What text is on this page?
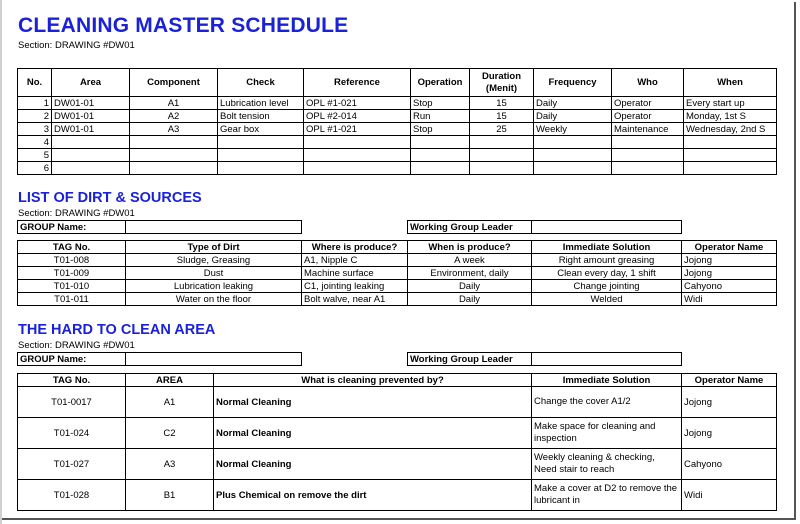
CLEANING MASTER SCHEDULE
Section: DRAWING #DW01
No.	Area	Component	Check	Reference	Operation	Duration (Menit)	Frequency	Who	When
1	DW01-01	A1	Lubrication level	OPL #1-021	Stop	15	Daily	Operator	Every start up
2	DW01-01	A2	Bolt tension	OPL #2-014	Run	15	Daily	Operator	Monday, 1st S
3	DW01-01	A3	Gear box	OPL #1-021	Stop	25	Weekly	Maintenance	Wednesday, 2nd S
4									
5									
6									
LIST OF DIRT & SOURCES
Section: DRAWING #DW01
GROUP Name:				Working Group Leader	
TAG No.	Type of Dirt	Where is produce?	When is produce?	Immediate Solution	Operator Name
T01-008	Sludge, Greasing	A1, Nipple C	A week	Right amount greasing	Jojong
T01-009	Dust	Machine surface	Environment, daily	Clean every day, 1 shift	Jojong
T01-010	Lubrication leaking	C1, jointing leaking	Daily	Change jointing	Cahyono
T01-011	Water on the floor	Bolt walve, near A1	Daily	Welded	Widi
THE HARD TO CLEAN AREA
Section: DRAWING #DW01
GROUP Name:				Working Group Leader	
TAG No.	AREA	What is cleaning prevented by?	Immediate Solution	Operator Name
T01-0017	A1	Normal Cleaning	Change the cover A1/2	Jojong
T01-024	C2	Normal Cleaning	Make space for cleaning and inspection	Jojong
T01-027	A3	Normal Cleaning	Weekly cleaning & checking, Need stair to reach	Cahyono
T01-028	B1	Plus Chemical on remove the dirt	Make a cover at D2 to remove the lubricant in	Widi
